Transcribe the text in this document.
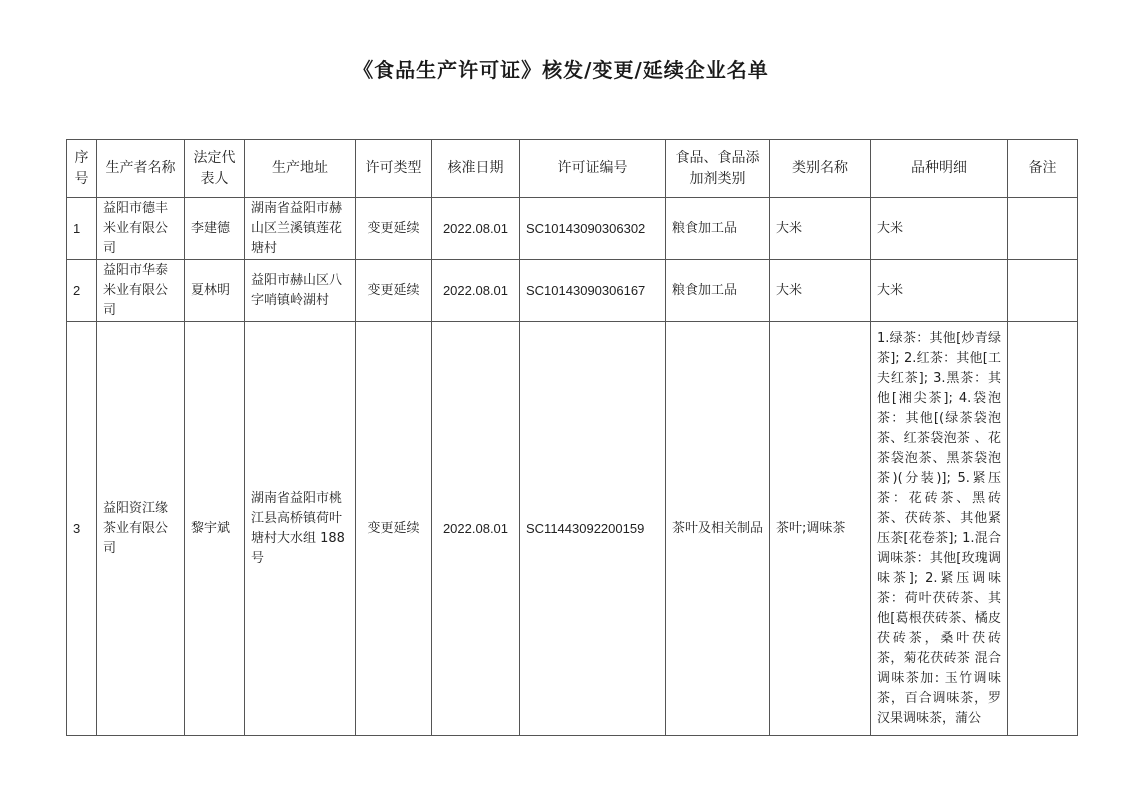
《食品生产许可证》核发/变更/延续企业名单
序号	生产者名称	法定代表人	生产地址	许可类型	核准日期	许可证编号	食品、食品添加剂类别	类别名称	品种明细	备注
1	益阳市德丰米业有限公司	李建德	湖南省益阳市赫山区兰溪镇莲花塘村	变更延续	2022.08.01	SC10143090306302	粮食加工品	大米	大米	
2	益阳市华泰米业有限公司	夏林明	益阳市赫山区八字哨镇岭湖村	变更延续	2022.08.01	SC10143090306167	粮食加工品	大米	大米	
3	益阳资江缘茶业有限公司	黎宇斌	湖南省益阳市桃江县高桥镇荷叶塘村大水组 188 号	变更延续	2022.08.01	SC11443092200159	茶叶及相关制品	茶叶;调味茶	1.绿茶：其他[炒青绿茶]; 2.红茶：其他[工夫红茶]; 3.黑茶：其他[湘尖茶]; 4.袋泡茶：其他[(绿茶袋泡茶、红茶袋泡茶 、花茶袋泡茶、黑茶袋泡茶)(分装)]; 5.紧压茶：花砖茶、黑砖茶、茯砖茶、其他紧压茶[花卷茶]; 1.混合调味茶：其他[玫瑰调味茶]; 2.紧压调味茶：荷叶茯砖茶、其他[葛根茯砖茶、橘皮茯砖茶，桑叶茯砖茶，菊花茯砖茶 混合调味茶加: 玉竹调味茶，百合调味茶，罗汉果调味茶，蒲公	
